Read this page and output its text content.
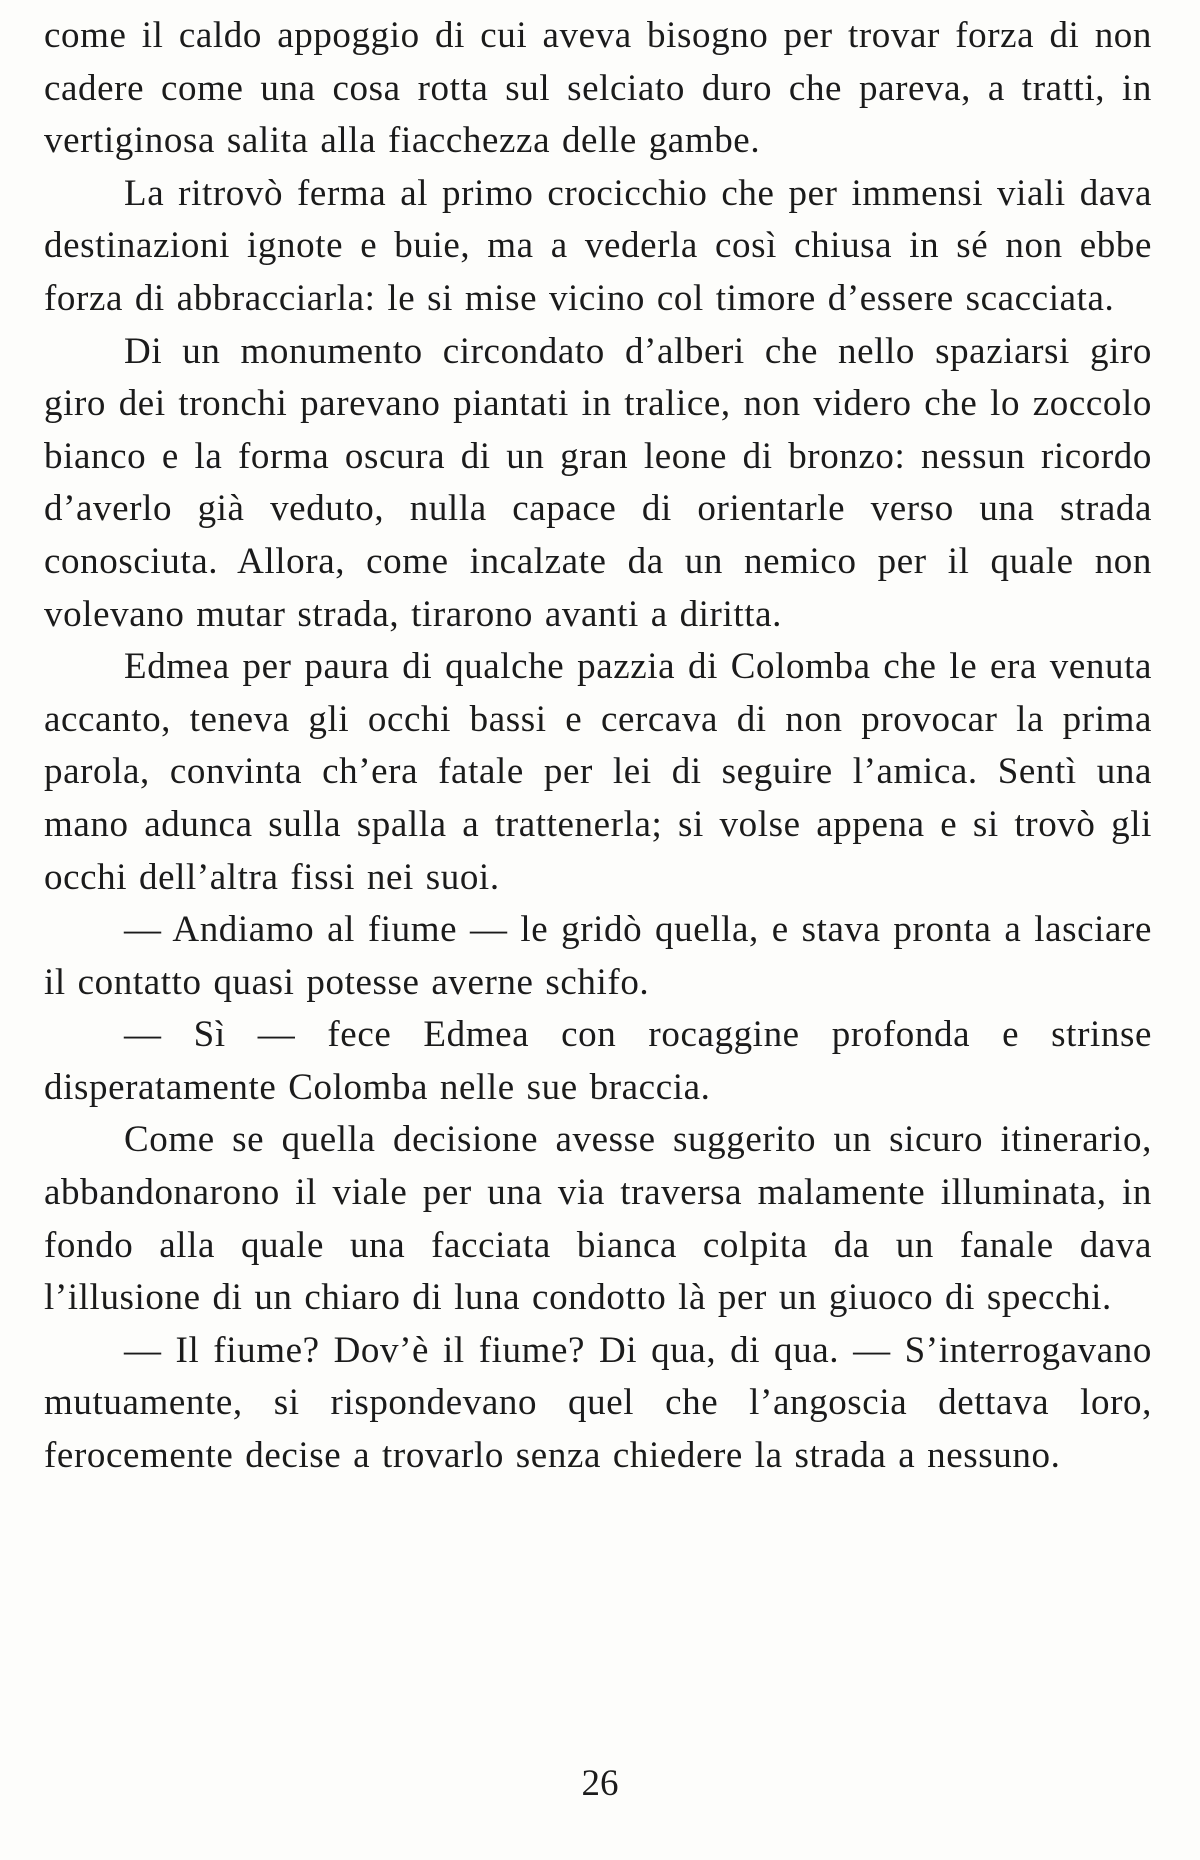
come il caldo appoggio di cui aveva bisogno per trovar forza di non cadere come una cosa rotta sul selciato duro che pareva, a tratti, in vertiginosa salita alla fiacchezza delle gambe.

La ritrovò ferma al primo crocicchio che per immensi viali dava destinazioni ignote e buie, ma a vederla così chiusa in sé non ebbe forza di abbracciarla: le si mise vicino col timore d’essere scacciata.

Di un monumento circondato d’alberi che nello spaziarsi giro giro dei tronchi parevano piantati in tralice, non videro che lo zoccolo bianco e la forma oscura di un gran leone di bronzo: nessun ricordo d’averlo già veduto, nulla capace di orientarle verso una strada conosciuta. Allora, come incalzate da un nemico per il quale non volevano mutar strada, tirarono avanti a diritta.

Edmea per paura di qualche pazzia di Colomba che le era venuta accanto, teneva gli occhi bassi e cercava di non provocar la prima parola, convinta ch’era fatale per lei di seguire l’amica. Sentì una mano adunca sulla spalla a trattenerla; si volse appena e si trovò gli occhi dell’altra fissi nei suoi.

— Andiamo al fiume — le gridò quella, e stava pronta a lasciare il contatto quasi potesse averne schifo.

— Sì — fece Edmea con rocaggine profonda e strinse disperatamente Colomba nelle sue braccia.

Come se quella decisione avesse suggerito un sicuro itinerario, abbandonarono il viale per una via traversa malamente illuminata, in fondo alla quale una facciata bianca colpita da un fanale dava l’illusione di un chiaro di luna condotto là per un giuoco di specchi.

— Il fiume? Dov’è il fiume? Di qua, di qua. — S’interrogavano mutuamente, si rispondevano quel che l’angoscia dettava loro, ferocemente decise a trovarlo senza chiedere la strada a nessuno.

26
